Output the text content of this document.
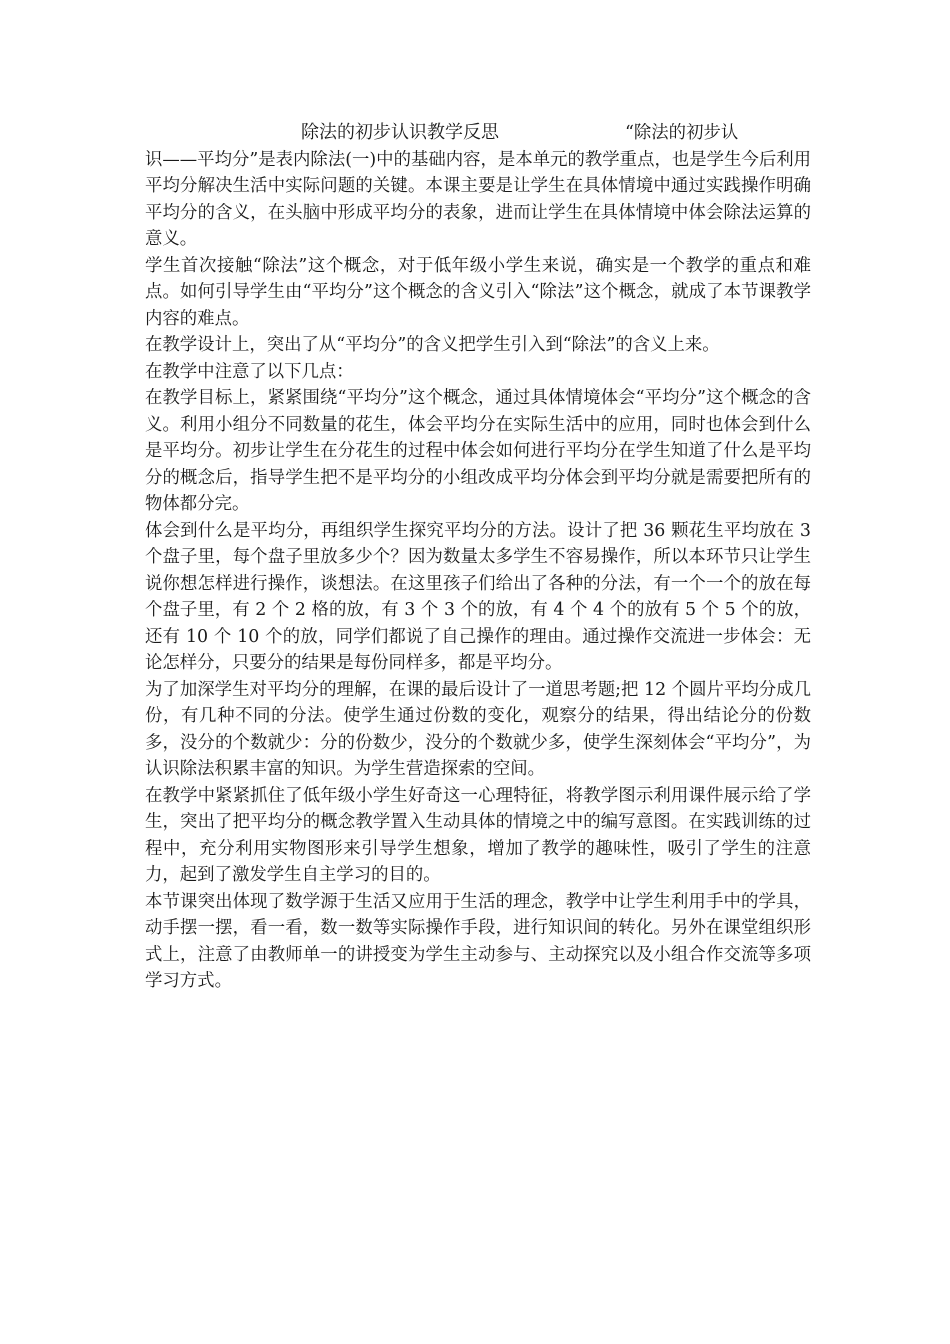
除法的初步认识教学反思	“除法的初步认

识——平均分”是表内除法(一)中的基础内容，是本单元的教学重点，也是学生今后利用平均分解决生活中实际问题的关键。本课主要是让学生在具体情境中通过实践操作明确平均分的含义，在头脑中形成平均分的表象，进而让学生在具体情境中体会除法运算的意义。

学生首次接触“除法”这个概念，对于低年级小学生来说，确实是一个教学的重点和难点。如何引导学生由“平均分”这个概念的含义引入“除法”这个概念，就成了本节课教学内容的难点。

在教学设计上，突出了从“平均分”的含义把学生引入到“除法”的含义上来。

在教学中注意了以下几点：

在教学目标上，紧紧围绕“平均分”这个概念，通过具体情境体会“平均分”这个概念的含义。利用小组分不同数量的花生，体会平均分在实际生活中的应用，同时也体会到什么是平均分。初步让学生在分花生的过程中体会如何进行平均分在学生知道了什么是平均分的概念后，指导学生把不是平均分的小组改成平均分体会到平均分就是需要把所有的物体都分完。

体会到什么是平均分，再组织学生探究平均分的方法。设计了把 36 颗花生平均放在 3 个盘子里，每个盘子里放多少个？因为数量太多学生不容易操作，所以本环节只让学生说你想怎样进行操作，谈想法。在这里孩子们给出了各种的分法，有一个一个的放在每个盘子里，有 2 个 2 格的放，有 3 个 3 个的放，有 4 个 4 个的放有 5 个 5 个的放，还有 10 个 10 个的放，同学们都说了自己操作的理由。通过操作交流进一步体会：无论怎样分，只要分的结果是每份同样多，都是平均分。

为了加深学生对平均分的理解，在课的最后设计了一道思考题;把 12 个圆片平均分成几份，有几种不同的分法。使学生通过份数的变化，观察分的结果，得出结论分的份数多，没分的个数就少：分的份数少，没分的个数就少多，使学生深刻体会“平均分”，为认识除法积累丰富的知识。为学生营造探索的空间。

在教学中紧紧抓住了低年级小学生好奇这一心理特征，将教学图示利用课件展示给了学生，突出了把平均分的概念教学置入生动具体的情境之中的编写意图。在实践训练的过程中，充分利用实物图形来引导学生想象，增加了教学的趣味性，吸引了学生的注意力，起到了激发学生自主学习的目的。

本节课突出体现了数学源于生活又应用于生活的理念，教学中让学生利用手中的学具，动手摆一摆，看一看，数一数等实际操作手段，进行知识间的转化。另外在课堂组织形式上，注意了由教师单一的讲授变为学生主动参与、主动探究以及小组合作交流等多项学习方式。
